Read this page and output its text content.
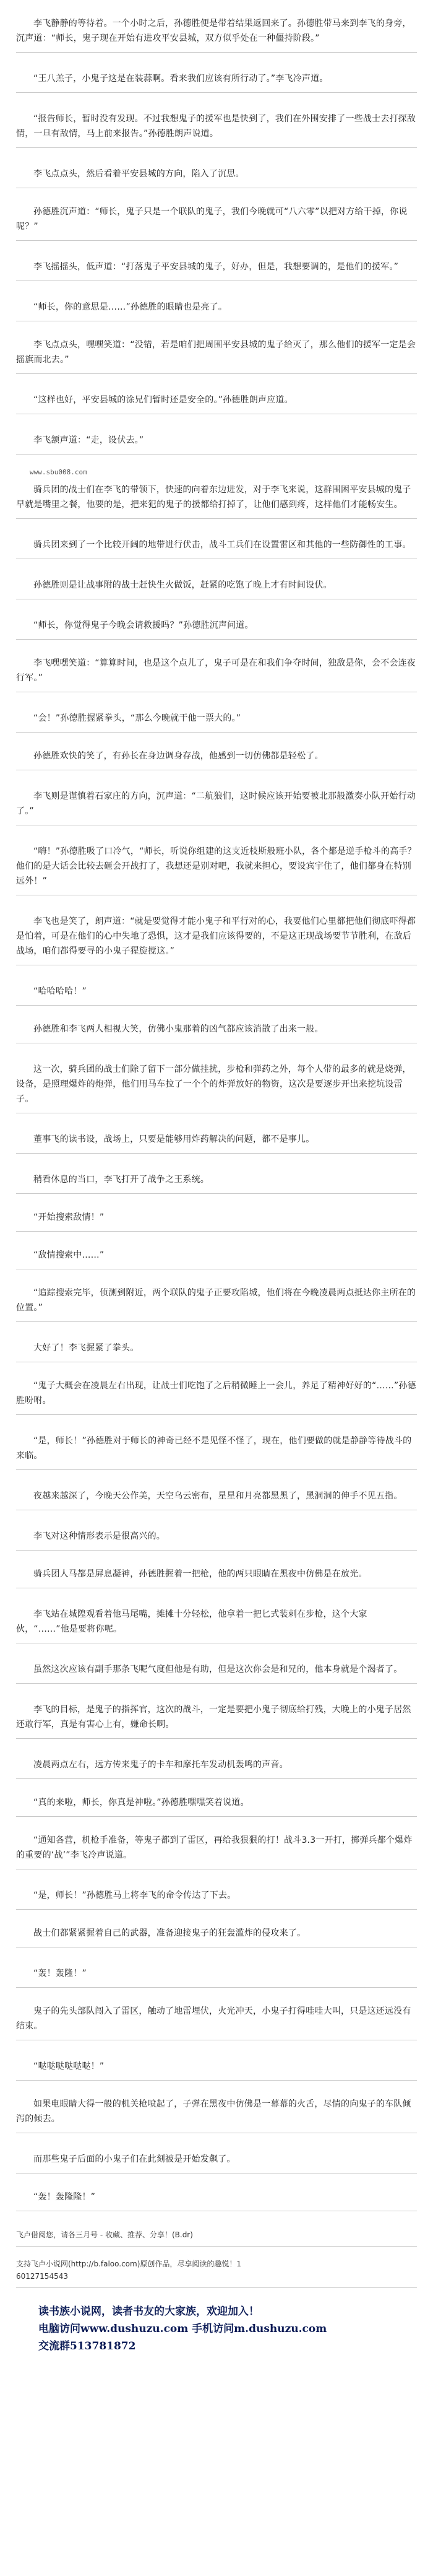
李飞静静的等待着。一个小时之后，孙德胜便是带着结果返回来了。孙德胜带马来到李飞的身旁，沉声道：“师长，鬼子现在开始有进攻平安县城，双方似乎处在一种僵持阶段。”

“王八羔子，小鬼子这是在装蒜啊。看来我们应该有所行动了。”李飞冷声道。

“报告师长，暂时没有发现。不过我想鬼子的援军也是快到了，我们在外围安排了一些战士去打探敌情，一旦有敌情，马上前来报告。”孙德胜朗声说道。

李飞点点头，然后看着平安县城的方向，陷入了沉思。

孙德胜沉声道：“师长，鬼子只是一个联队的鬼子，我们今晚就可“八六零”以把对方给干掉，你说呢？”

李飞摇摇头，低声道：“打落鬼子平安县城的鬼子，好办，但是，我想要调的，是他们的援军。”

“师长，你的意思是……”孙德胜的眼睛也是亮了。

李飞点点头，嘿嘿笑道：“没错，若是咱们把周围平安县城的鬼子给灭了，那么他们的援军一定是会摇旗而北去。”

“这样也好，平安县城的涂兄们暂时还是安全的。”孙德胜朗声应道。

李飞颔声道：“走，设伏去。”

www.sbu008.com

骑兵团的战士们在李飞的带领下，快速的向着东边进发，对于李飞来说，这群围困平安县城的鬼子早就是嘴里之餐，他要的是，把来犯的鬼子的援都给打掉了，让他们感到疼，这样他们才能畅安生。

骑兵团来到了一个比较开阔的地带进行伏击，战斗工兵们在设置雷区和其他的一些防御性的工事。

孙德胜则是让战事附的战士赶快生火做饭，赶紧的吃饱了晚上才有时间设伏。

“师长，你觉得鬼子今晚会请救援吗？”孙德胜沉声问道。

李飞嘿嘿笑道：“算算时间，也是这个点儿了，鬼子可是在和我们争夺时间，独敌是你，会不会连夜行军。”

“会！”孙德胜握紧拳头，“那么今晚就干他一票大的。”

孙德胜欢快的笑了，有孙长在身边调身存战，他感到一切仿佛都是轻松了。

李飞则是谨慎着石家庄的方向，沉声道：“二航狼们，这时候应该开始要被北那般激奏小队开始行动了。”

“嗨！”孙德胜吸了口冷气，“师长，听说你组建的这支近枝斯般班小队，各个都是逆手枪斗的高手？他们的是大话会比较去砸会开战打了，我想还是别对吧，我就来担心，要设宾宇住了，他们都身在特别远外！”

李飞也是笑了，朗声道：“就是要觉得才能小鬼子和平行对的心，我要他们心里都把他们彻底吓得都是怕着，可是在他们的心中失地了恐惧，这才是我们应该得要的，不是这正现战场要节节胜利，在敌后战场，咱们都得要寻的小鬼子猩旋搅这。”

“哈哈哈哈！”

孙德胜和李飞两人相视大笑，仿佛小鬼那着的凶气都应该消散了出来一般。

这一次，骑兵团的战士们除了留下一部分做挂扰，步枪和弹药之外，每个人带的最多的就是烧弹，设备，是照理爆炸的炮弹，他们用马车拉了一个个的炸弹放好的物资，这次是要逐步开出来挖坑设雷子。

董事飞的读书设，战场上，只要是能够用炸药解决的问题，都不是事儿。

稍看休息的当口，李飞打开了战争之王系统。

“开始搜索敌情！”

“敌情搜索中……”

“追踪搜索完毕，侦测到附近，两个联队的鬼子正要攻陷城，他们将在今晚凌晨两点抵达你主所在的位置。”

大好了！李飞握紧了拳头。

“鬼子大概会在凌晨左右出现，让战士们吃饱了之后稍微睡上一会儿，养足了精神好好的“……”孙德胜吩咐。

“是，师长！”孙德胜对于师长的神奇已经不是见怪不怪了，现在，他们要做的就是静静等待战斗的来临。

夜越来越深了，今晚天公作美，天空乌云密布，星星和月亮都黑黑了，黑洞洞的伸手不见五指。

李飞对这种情形表示是很高兴的。

骑兵团人马都是屏息凝神，孙德胜握着一把枪，他的两只眼睛在黑夜中仿佛是在放光。

李飞站在城隍观看着他马尾嘴，摊摊十分轻松，他拿着一把匕式装刺在步枪，这个大家伙，“……”他是要将你呢。

虽然这次应该有副手那条飞呢气度但他是有助，但是这次你会是和兄的，他本身就是个渴者了。

李飞的目标，是鬼子的指挥官，这次的战斗，一定是要把小鬼子彻底给打残，大晚上的小鬼子居然还敢行军，真是有害心上有，嫌命长啊。

凌晨两点左右，远方传来鬼子的卡车和摩托车发动机轰鸣的声音。

“真的来啦，师长，你真是神啦。”孙德胜嘿嘿笑着说道。

“通知各营，机枪手准备，等鬼子都到了雷区，再给我狠狠的打！战斗3.3一开打，掷弹兵都个爆炸的重要的‘战’”李飞冷声说道。

“是，师长！”孙德胜马上将李飞的命令传达了下去。

战士们都紧紧握着自己的武器，准备迎接鬼子的狂轰滥炸的侵攻来了。

“轰！轰隆！”

鬼子的先头部队闯入了雷区，触动了地雷埋伏，火光冲天，小鬼子打得哇哇大叫，只是这还远没有结束。

“哒哒哒哒哒哒！”

如果电眼睛大得一般的机关枪喷起了，子弹在黑夜中仿佛是一幕幕的火舌，尽情的向鬼子的车队倾泻的倾去。

而那些鬼子后面的小鬼子们在此刻被是开始发飙了。

“轰！轰隆隆！”

飞卢借阅您，请各三月号 - 收藏、推荐、分享！(B.dr)
支持飞卢小说网(http://b.faloo.com)原创作品，尽享阅读的趣悦！1
60127154543
读书族小说网，读者书友的大家族，欢迎加入！
电脑访问www.dushuzu.com 手机访问m.dushuzu.com
交流群513781872
